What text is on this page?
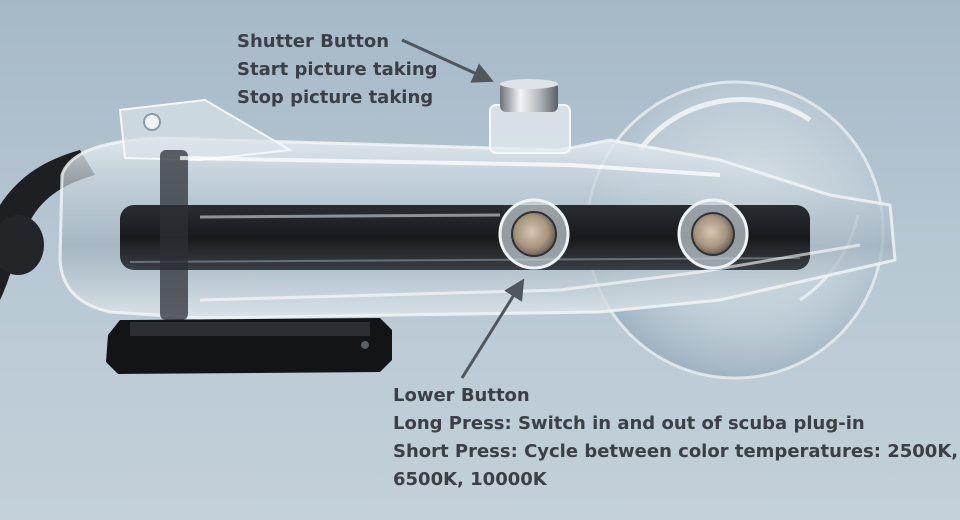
Shutter Button
Start picture taking
Stop picture taking
Lower Button
Long Press: Switch in and out of scuba plug-in
Short Press: Cycle between color temperatures: 2500K,
6500K, 10000K
